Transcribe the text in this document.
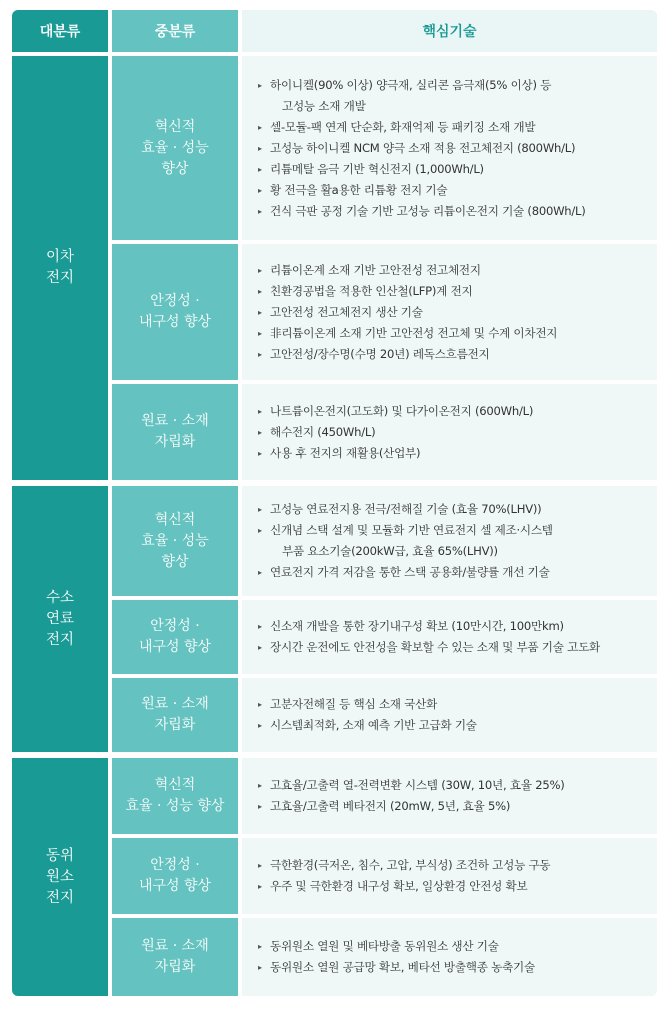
대분류	중분류	핵심기술
이차
전지
혁신적
효율 · 성능
향상
▸ 하이니켈(90% 이상) 양극재, 실리콘 음극재(5% 이상) 등
고성능 소재 개발
▸ 셀-모듈-팩 연계 단순화, 화재억제 등 패키징 소재 개발
▸ 고성능 하이니켈 NCM 양극 소재 적용 전고체전지 (800Wh/L)
▸ 리튬메탈 음극 기반 혁신전지 (1,000Wh/L)
▸ 황 전극을 활a용한 리튬황 전지 기술
▸ 건식 극판 공정 기술 기반 고성능 리튬이온전지 기술 (800Wh/L)
안정성 ·
내구성 향상
▸ 리튬이온계 소재 기반 고안전성 전고체전지
▸ 친환경공법을 적용한 인산철(LFP)계 전지
▸ 고안전성 전고체전지 생산 기술
▸ 非리튬이온계 소재 기반 고안전성 전고체 및 수계 이차전지
▸ 고안전성/장수명(수명 20년) 레독스흐름전지
원료 · 소재
자립화
▸ 나트륨이온전지(고도화) 및 다가이온전지 (600Wh/L)
▸ 해수전지 (450Wh/L)
▸ 사용 후 전지의 재활용(산업부)
수소
연료
전지
혁신적
효율 · 성능
향상
▸ 고성능 연료전지용 전극/전해질 기술 (효율 70%(LHV))
▸ 신개념 스택 설계 및 모듈화 기반 연료전지 셀 제조·시스템
부품 요소기술(200kW급, 효율 65%(LHV))
▸ 연료전지 가격 저감을 통한 스택 공용화/불량률 개선 기술
안정성 ·
내구성 향상
▸ 신소재 개발을 통한 장기내구성 확보 (10만시간, 100만km)
▸ 장시간 운전에도 안전성을 확보할 수 있는 소재 및 부품 기술 고도화
원료 · 소재
자립화
▸ 고분자전해질 등 핵심 소재 국산화
▸ 시스템최적화, 소재 예측 기반 고급화 기술
동위
원소
전지
혁신적
효율 · 성능 향상
▸ 고효율/고출력 열-전력변환 시스템 (30W, 10년, 효율 25%)
▸ 고효율/고출력 베타전지 (20mW, 5년, 효율 5%)
안정성 ·
내구성 향상
▸ 극한환경(극저온, 침수, 고압, 부식성) 조건하 고성능 구동
▸ 우주 및 극한환경 내구성 확보, 일상환경 안전성 확보
원료 · 소재
자립화
▸ 동위원소 열원 및 베타방출 동위원소 생산 기술
▸ 동위원소 열원 공급망 확보, 베타선 방출핵종 농축기술
